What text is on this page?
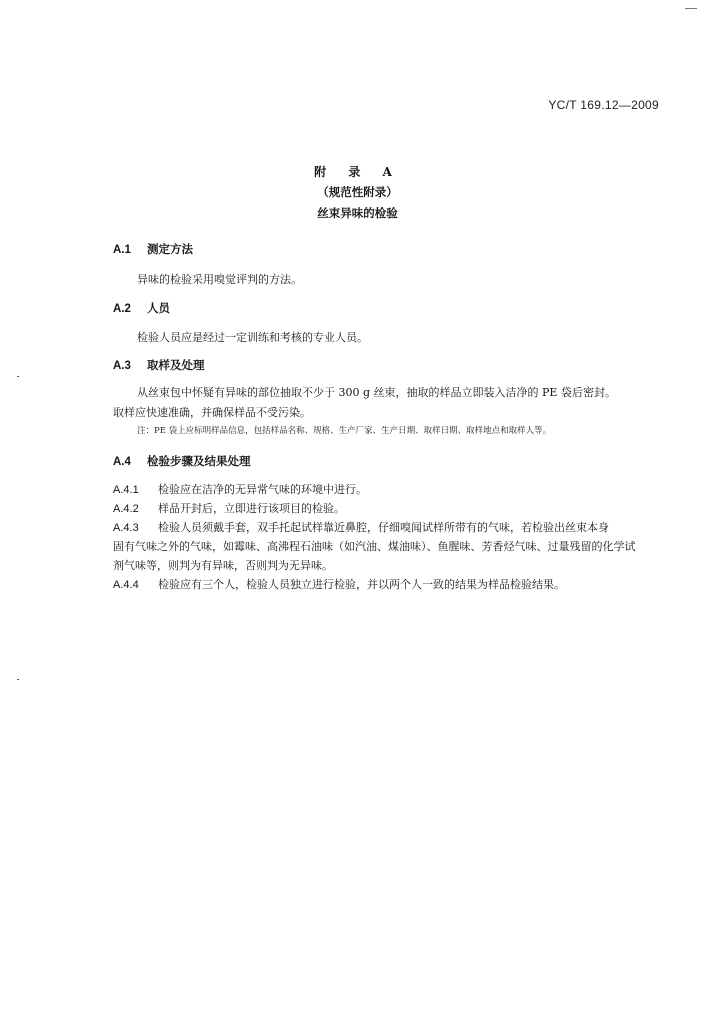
YC/T 169.12—2009
附 录 A
（规范性附录）
丝束异味的检验
A.1 测定方法
异味的检验采用嗅觉评判的方法。
A.2 人员
检验人员应是经过一定训练和考核的专业人员。
A.3 取样及处理
从丝束包中怀疑有异味的部位抽取不少于 300 g 丝束，抽取的样品立即装入洁净的 PE 袋后密封。
取样应快速准确，并确保样品不受污染。
注：PE 袋上应标明样品信息，包括样品名称、规格、生产厂家、生产日期、取样日期、取样地点和取样人等。
A.4 检验步骤及结果处理
A.4.1 检验应在洁净的无异常气味的环境中进行。
A.4.2 样品开封后，立即进行该项目的检验。
A.4.3 检验人员须戴手套，双手托起试样靠近鼻腔，仔细嗅闻试样所带有的气味，若检验出丝束本身
固有气味之外的气味，如霉味、高沸程石油味（如汽油、煤油味）、鱼腥味、芳香烃气味、过量残留的化学试
剂气味等，则判为有异味，否则判为无异味。
A.4.4 检验应有三个人，检验人员独立进行检验，并以两个人一致的结果为样品检验结果。
